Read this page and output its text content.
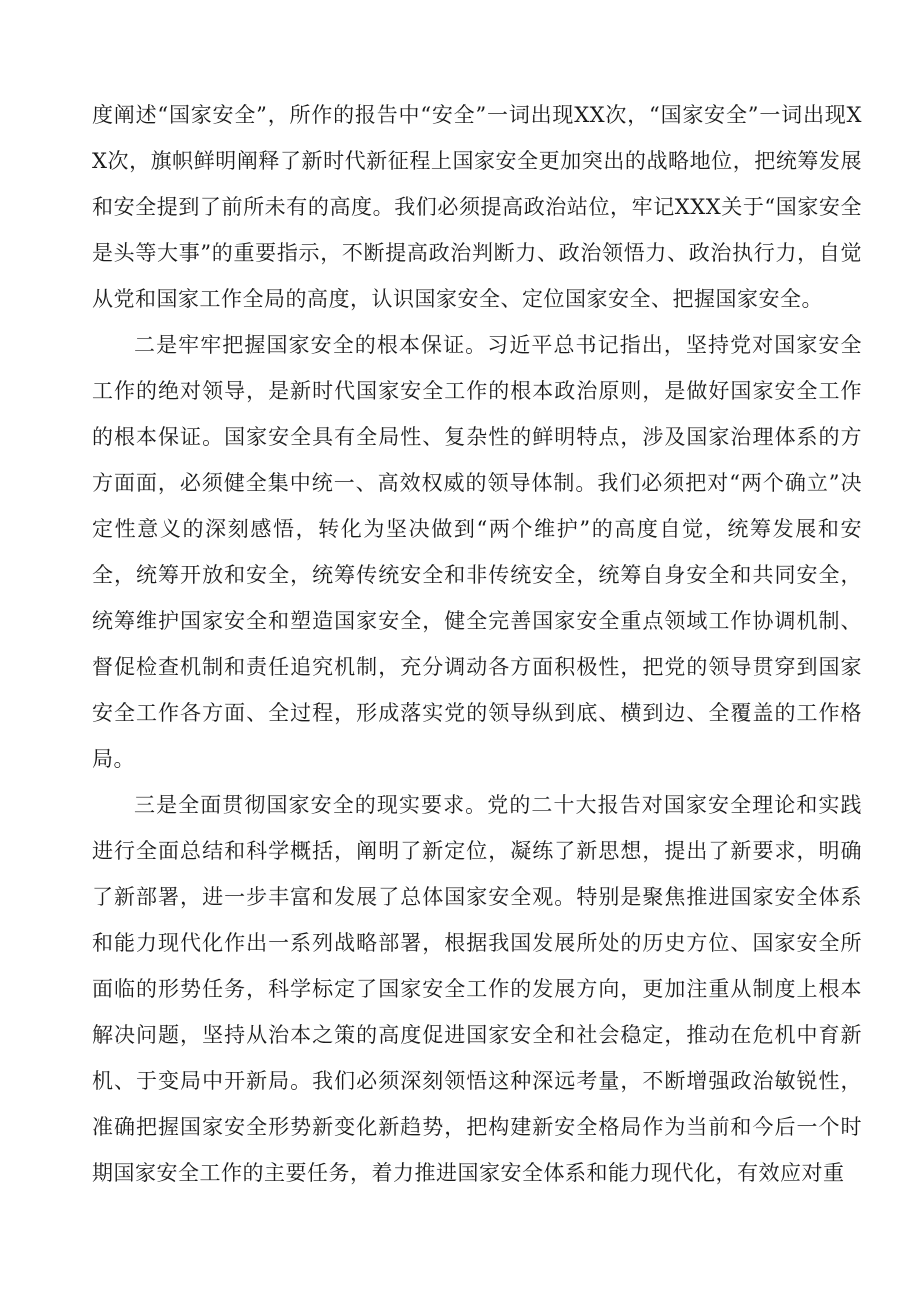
度阐述“国家安全”，所作的报告中“安全”一词出现XX次，“国家安全”一词出现XX次，旗帜鲜明阐释了新时代新征程上国家安全更加突出的战略地位，把统筹发展和安全提到了前所未有的高度。我们必须提高政治站位，牢记XXX关于“国家安全是头等大事”的重要指示，不断提高政治判断力、政治领悟力、政治执行力，自觉从党和国家工作全局的高度，认识国家安全、定位国家安全、把握国家安全。

二是牢牢把握国家安全的根本保证。习近平总书记指出，坚持党对国家安全工作的绝对领导，是新时代国家安全工作的根本政治原则，是做好国家安全工作的根本保证。国家安全具有全局性、复杂性的鲜明特点，涉及国家治理体系的方方面面，必须健全集中统一、高效权威的领导体制。我们必须把对“两个确立”决定性意义的深刻感悟，转化为坚决做到“两个维护”的高度自觉，统筹发展和安全，统筹开放和安全，统筹传统安全和非传统安全，统筹自身安全和共同安全，统筹维护国家安全和塑造国家安全，健全完善国家安全重点领域工作协调机制、督促检查机制和责任追究机制，充分调动各方面积极性，把党的领导贯穿到国家安全工作各方面、全过程，形成落实党的领导纵到底、横到边、全覆盖的工作格局。

三是全面贯彻国家安全的现实要求。党的二十大报告对国家安全理论和实践进行全面总结和科学概括，阐明了新定位，凝练了新思想，提出了新要求，明确了新部署，进一步丰富和发展了总体国家安全观。特别是聚焦推进国家安全体系和能力现代化作出一系列战略部署，根据我国发展所处的历史方位、国家安全所面临的形势任务，科学标定了国家安全工作的发展方向，更加注重从制度上根本解决问题，坚持从治本之策的高度促进国家安全和社会稳定，推动在危机中育新机、于变局中开新局。我们必须深刻领悟这种深远考量，不断增强政治敏锐性，准确把握国家安全形势新变化新趋势，把构建新安全格局作为当前和今后一个时期国家安全工作的主要任务，着力推进国家安全体系和能力现代化，有效应对重
